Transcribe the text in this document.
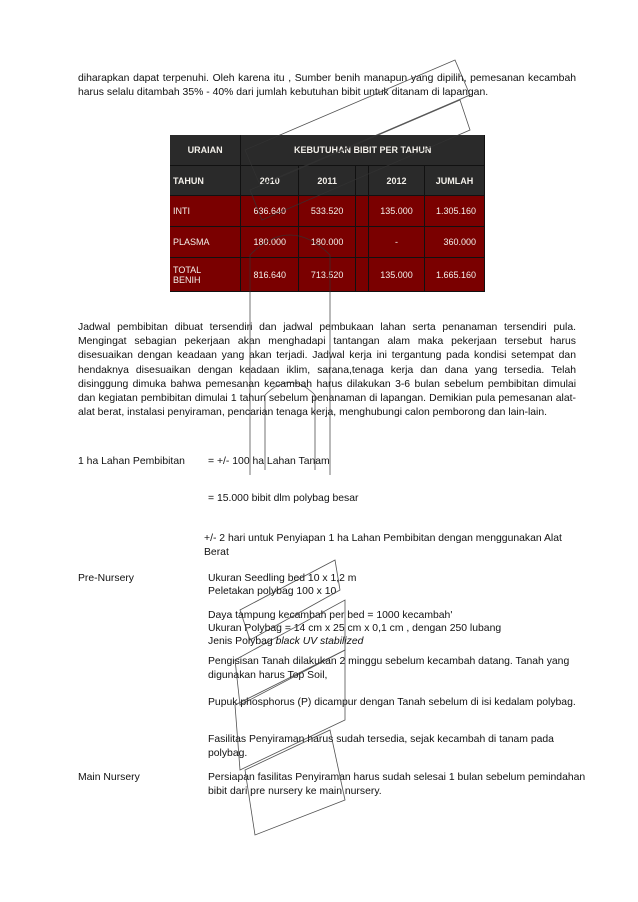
diharapkan dapat terpenuhi. Oleh karena itu , Sumber benih manapun yang dipilih, pemesanan kecambah harus selalu ditambah 35% - 40% dari jumlah kebutuhan bibit untuk ditanam di lapangan.
URAIAN	KEBUTUHAN BIBIT PER TAHUN				
TAHUN	2010	2011		2012	JUMLAH
INTI	636.640	533.520		135.000	1.305.160
PLASMA	180.000	180.000		-	360.000
TOTAL
BENIH	816.640	713.520		135.000	1.665.160
Jadwal pembibitan dibuat tersendiri dan jadwal pembukaan lahan serta penanaman tersendiri pula. Mengingat sebagian pekerjaan akan menghadapi tantangan alam maka pekerjaan tersebut harus disesuaikan dengan keadaan yang akan terjadi. Jadwal kerja ini tergantung pada kondisi setempat dan hendaknya disesuaikan dengan keadaan iklim, sarana,tenaga kerja dan dana yang tersedia. Telah disinggung dimuka bahwa pemesanan kecambah harus dilakukan 3-6 bulan sebelum pembibitan dimulai dan kegiatan pembibitan dimulai 1 tahun sebelum penanaman di lapangan. Demikian pula pemesanan alat-alat berat, instalasi penyiraman, pencarian tenaga kerja, menghubungi calon pemborong dan lain-lain.
1 ha Lahan Pembibitan = +/- 100 ha Lahan Tanam
= 15.000 bibit dlm polybag besar
+/- 2 hari untuk Penyiapan 1 ha Lahan Pembibitan dengan menggunakan Alat Berat
Pre-Nursery	Ukuran Seedling bed 10 x 1,2 m
Peletakan polybag 100 x 10
Daya tampung kecambah per bed = 1000 kecambah'
Ukuran Polybag = 14 cm x 25 cm x 0,1 cm , dengan 250 lubang
Jenis Polybag black UV stabilized
Pengisisan Tanah dilakukan 2 minggu sebelum kecambah datang. Tanah yang digunakan harus Top Soil,
Pupuk phosphorus (P) dicampur dengan Tanah sebelum di isi kedalam polybag.
Fasilitas Penyiraman harus sudah tersedia, sejak kecambah di tanam pada polybag.
Main Nursery	Persiapan fasilitas Penyiraman harus sudah selesai 1 bulan sebelum pemindahan bibit dari pre nursery ke main nursery.
